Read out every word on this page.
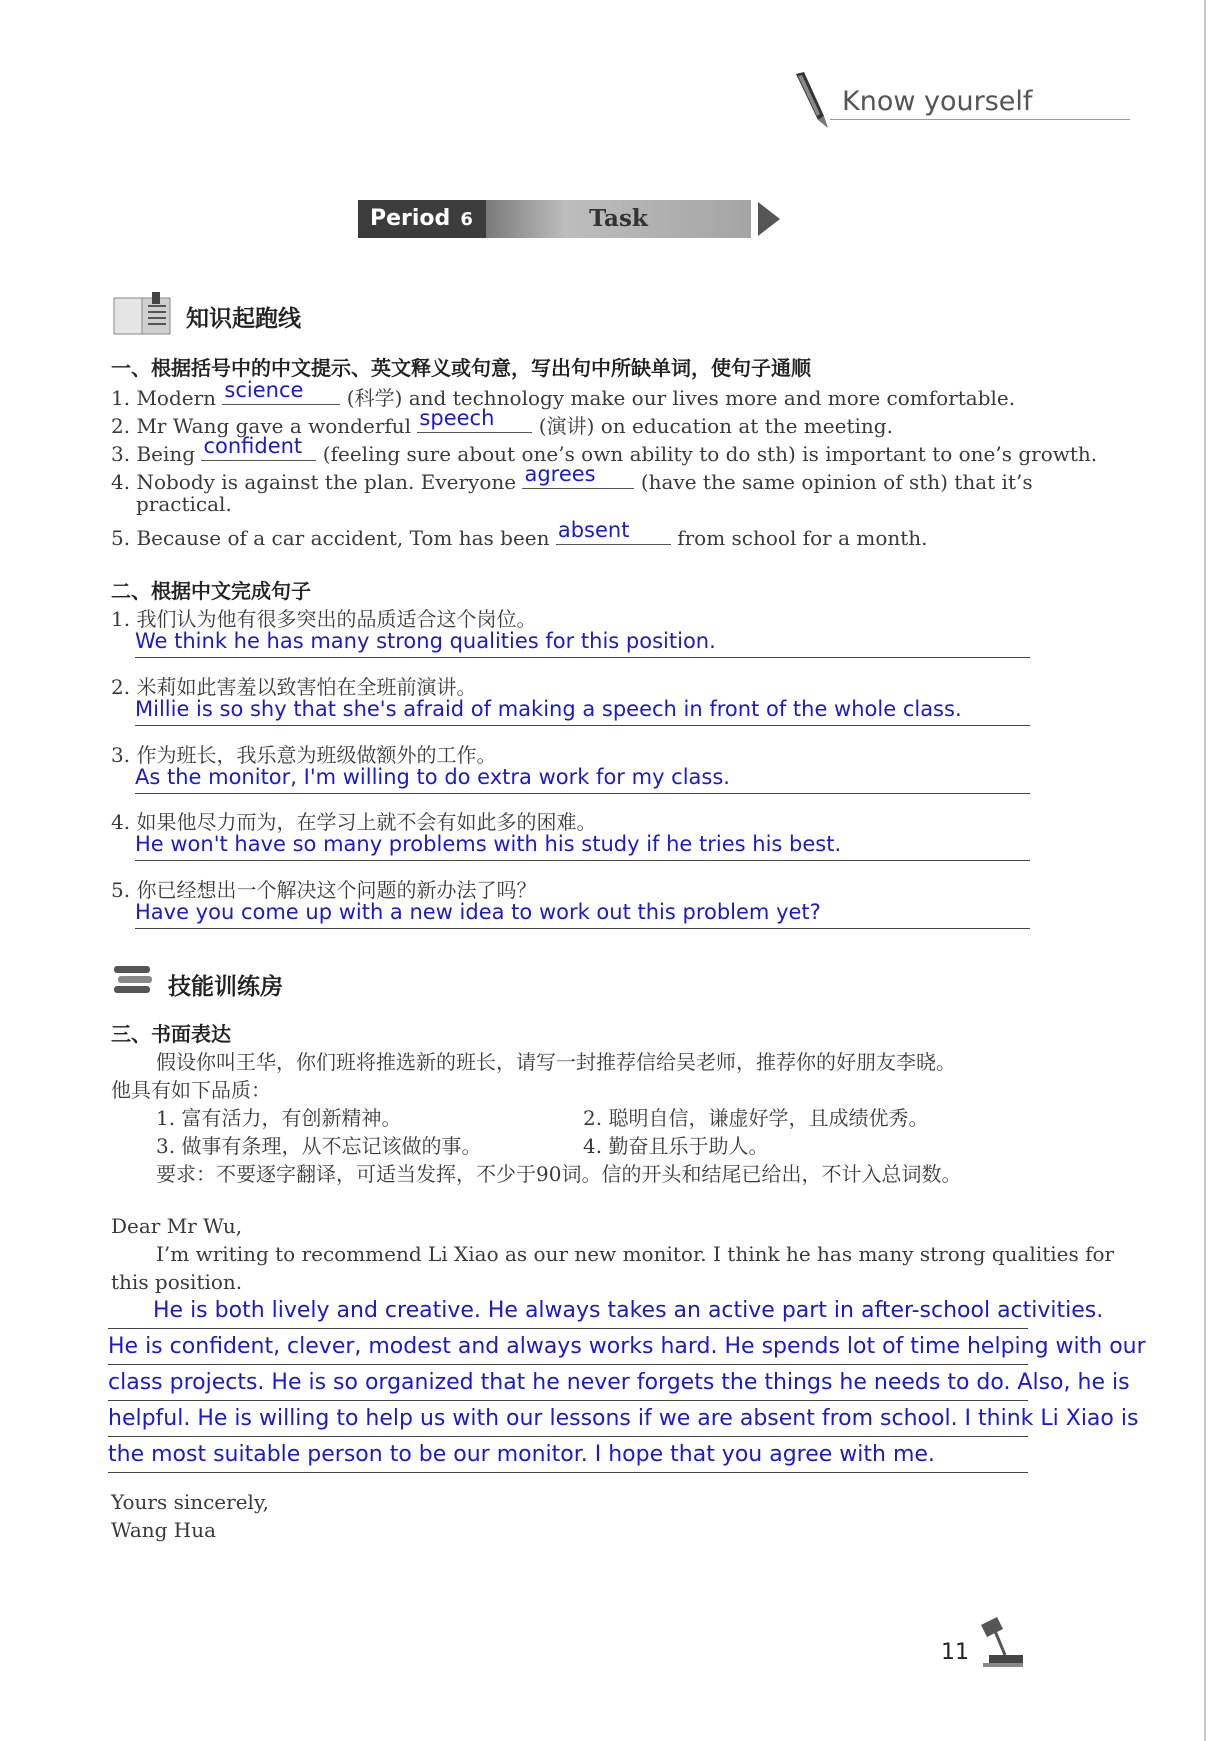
Know yourself
Period 6	Task
知识起跑线
一、根据括号中的中文提示、英文释义或句意，写出句中所缺单词，使句子通顺
1. Modern science (科学) and technology make our lives more and more comfortable.
2. Mr Wang gave a wonderful speech (演讲) on education at the meeting.
3. Being confident (feeling sure about one’s own ability to do sth) is important to one’s growth.
4. Nobody is against the plan. Everyone agrees (have the same opinion of sth) that it’s
practical.
5. Because of a car accident, Tom has been absent from school for a month.
二、根据中文完成句子
1. 我们认为他有很多突出的品质适合这个岗位。
We think he has many strong qualities for this position.
2. 米莉如此害羞以致害怕在全班前演讲。
Millie is so shy that she's afraid of making a speech in front of the whole class.
3. 作为班长，我乐意为班级做额外的工作。
As the monitor, I'm willing to do extra work for my class.
4. 如果他尽力而为，在学习上就不会有如此多的困难。
He won't have so many problems with his study if he tries his best.
5. 你已经想出一个解决这个问题的新办法了吗？
Have you come up with a new idea to work out this problem yet?
技能训练房
三、书面表达
假设你叫王华，你们班将推选新的班长，请写一封推荐信给吴老师，推荐你的好朋友李晓。
他具有如下品质：
1. 富有活力，有创新精神。	2. 聪明自信，谦虚好学，且成绩优秀。
3. 做事有条理，从不忘记该做的事。	4. 勤奋且乐于助人。
要求：不要逐字翻译，可适当发挥，不少于90词。信的开头和结尾已给出，不计入总词数。
Dear Mr Wu,
I’m writing to recommend Li Xiao as our new monitor. I think he has many strong qualities for
this position.
He is both lively and creative. He always takes an active part in after-school activities.
He is confident, clever, modest and always works hard. He spends lot of time helping with our
class projects. He is so organized that he never forgets the things he needs to do. Also, he is
helpful. He is willing to help us with our lessons if we are absent from school. I think Li Xiao is
the most suitable person to be our monitor. I hope that you agree with me.
Yours sincerely,
Wang Hua
11
